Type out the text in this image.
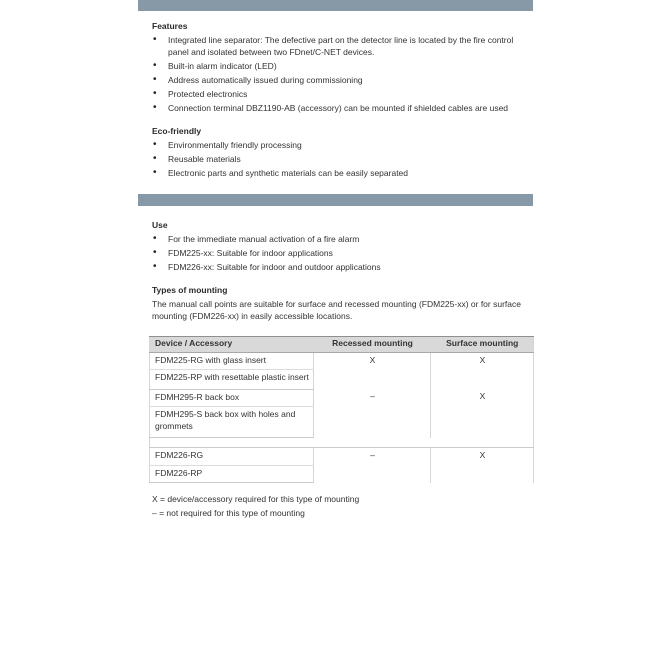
Features
• Integrated line separator: The defective part on the detector line is located by the fire control panel and isolated between two FDnet/C-NET devices.
• Built-in alarm indicator (LED)
• Address automatically issued during commissioning
• Protected electronics
• Connection terminal DBZ1190-AB (accessory) can be mounted if shielded cables are used
Eco-friendly
• Environmentally friendly processing
• Reusable materials
• Electronic parts and synthetic materials can be easily separated
Use
• For the immediate manual activation of a fire alarm
• FDM225-xx: Suitable for indoor applications
• FDM226-xx: Suitable for indoor and outdoor applications
Types of mounting

The manual call points are suitable for surface and recessed mounting (FDM225-xx) or for surface mounting (FDM226-xx) in easily accessible locations.

Device / Accessory	Recessed mounting	Surface mounting
FDM225-RG with glass insert	X	X
FDM225-RP with resettable plastic insert		
FDMH295-R back box	–	X
FDMH295-S back box with holes and grommets		

FDM226-RG	–	X
FDM226-RP		

X = device/accessory required for this type of mounting

– = not required for this type of mounting
